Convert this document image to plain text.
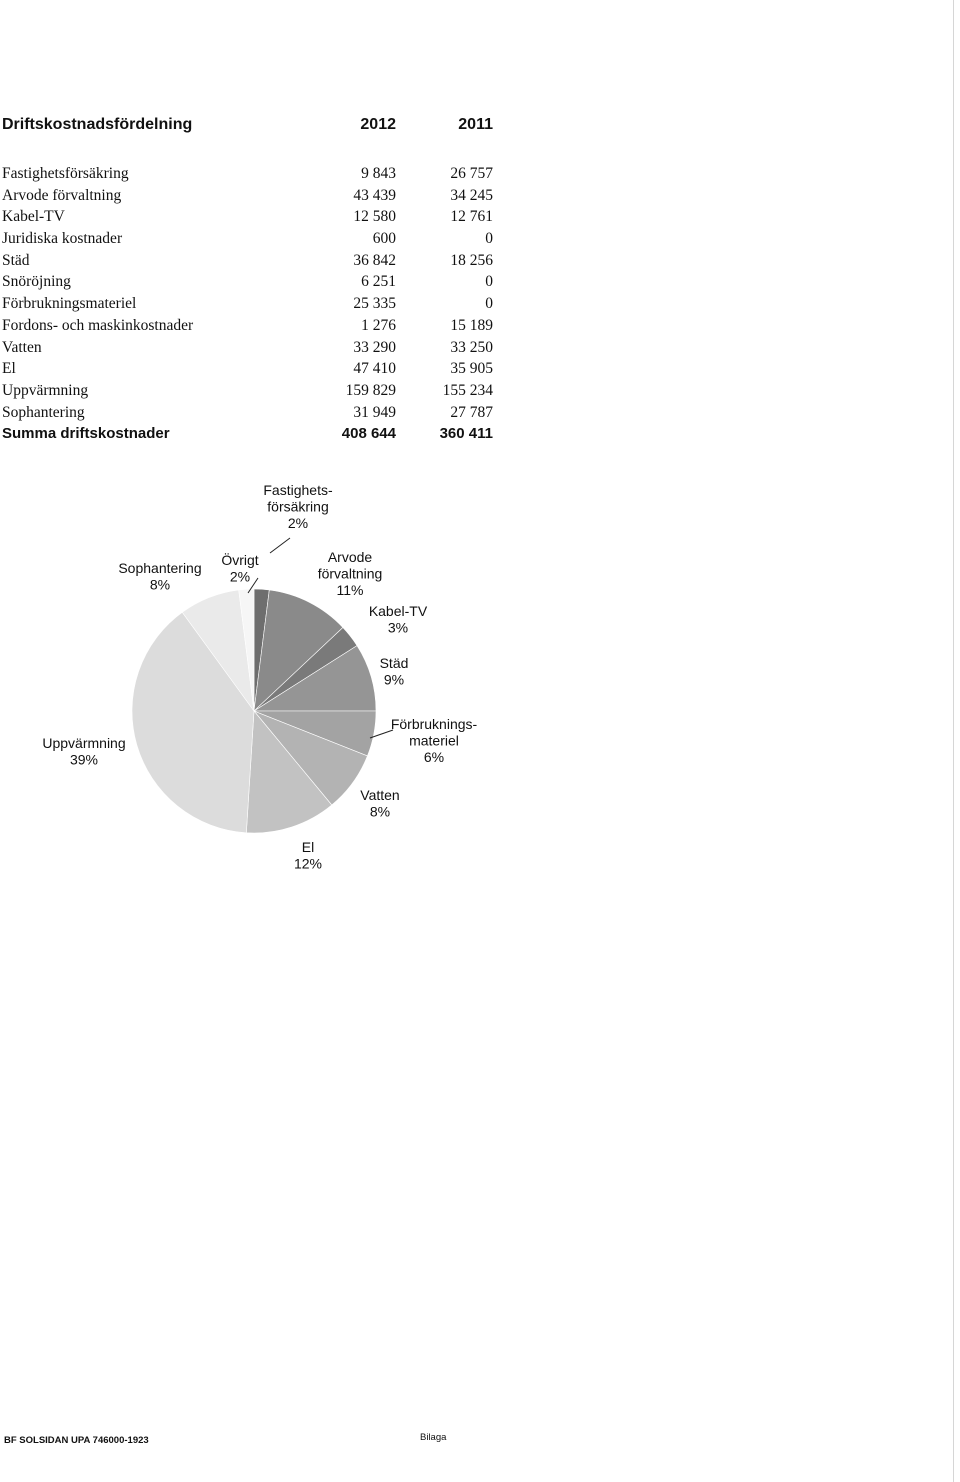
Driftskostnadsfördelning	2012	2011
Fastighetsförsäkring	9 843	26 757
Arvode förvaltning	43 439	34 245
Kabel-TV	12 580	12 761
Juridiska kostnader	600	0
Städ	36 842	18 256
Snöröjning	6 251	0
Förbrukningsmateriel	25 335	0
Fordons- och maskinkostnader	1 276	15 189
Vatten	33 290	33 250
El	47 410	35 905
Uppvärmning	159 829	155 234
Sophantering	31 949	27 787
Summa driftskostnader	408 644	360 411
Fastighets-försäkring 2%
Arvode förvaltning 11%
Kabel-TV 3%
Städ 9%
Förbruknings-materiel 6%
Vatten 8%
El 12%
Uppvärmning 39%
Sophantering 8%
Övrigt 2%
BF SOLSIDAN UPA 746000-1923	Bilaga
